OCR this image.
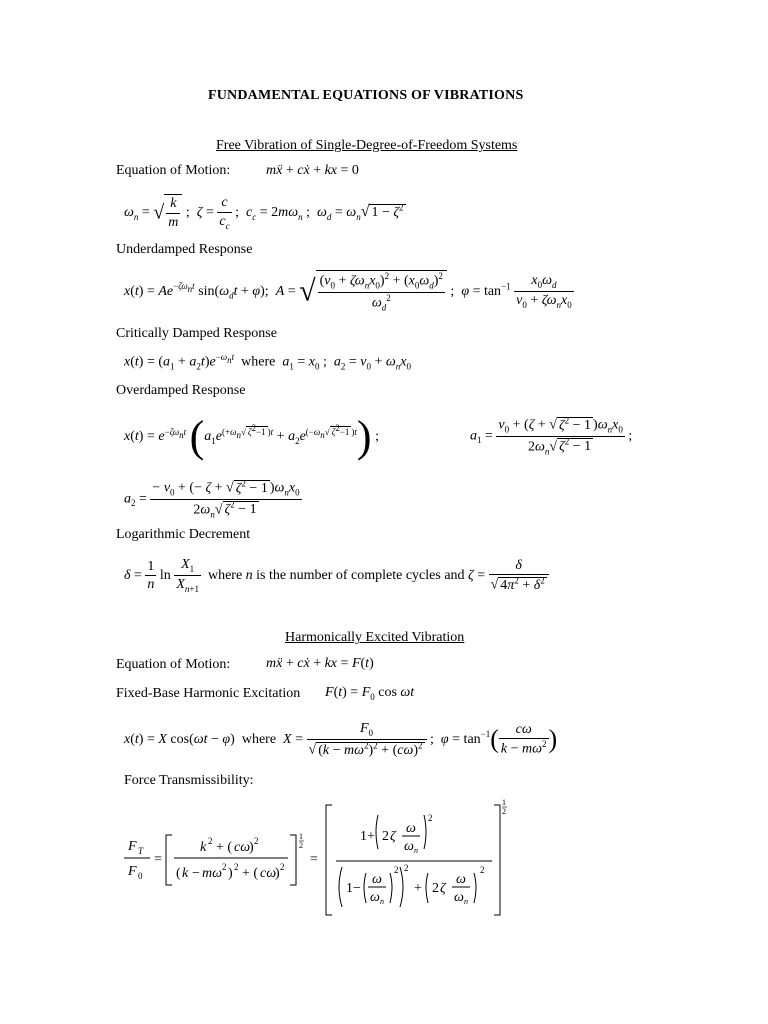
FUNDAMENTAL EQUATIONS OF VIBRATIONS
Free Vibration of Single-Degree-of-Freedom Systems
Equation of Motion:	mẍ + cẋ + kx = 0
$\omega_n$ = √ $\frac{k}{m}$ ;  $\zeta = \frac{c}{c_c}$ ;  $c_c = 2m\omega_n$ ;  $\omega_d = \omega_n√$ $1 - \zeta^2$
Underdamped Response
$x(t) = Ae^{-\zeta\omega_nt}$ $\sin(\omega_dt + \varphi)$;  A = √ $\frac{(v_0 + \zeta\omega_nx_0)^2 + (x_0\omega_d)^2}{\omega_d^2}$ ;  $\varphi = \tan^{-1} \frac{x_0\omega_d}{v_0 + \zeta\omega_nx_0}$
Critically Damped Response
$x(t) = (a_1 + a_2t)e^{-\omega_nt}$ where $a_1 = x_0$ ;  $a_2 = v_0 + \omega_nx_0$
Overdamped Response
$x(t) = e^{-\zeta\omega_nt}$ $(a_1e^{(+\omega_n√ \zeta^2-1 )t} + a_2e^{(-\omega_n√ \zeta^2-1 )t})$ ;	$a_1 = \frac{v_0 + (\zeta + √ \zeta^2 - 1 )\omega_nx_0}{2\omega_n√ \zeta^2 - 1}$ ;
$a_2 = \frac{- v_0 + (- \zeta + √ \zeta^2 - 1 )\omega_nx_0}{2\omega_n√ \zeta^2 - 1}$
Logarithmic Decrement
$\delta = \frac{1}{n}$ $\ln \frac{X_1}{X_{n+1}}$ where n is the number of complete cycles and $\zeta = \frac{\delta}{√ 4\pi^2 + \delta^2}$
Harmonically Excited Vibration
Equation of Motion:	mẍ + cẋ + kx = F(t)
Fixed-Base Harmonic Excitation $F(t) = F_0$ cos ωt
x(t) = X cos(ωt − φ)  where $X = \frac{F_0}{√ (k - m\omega^2)^2 + (c\omega)^2}$ ;  $\varphi = \tan^{-1}( \frac{c\omega}{k - m\omega^2}$ )
Force Transmissibility:
F T
F 0
=
k 2 + ( cω
) 2
( k − mω 2 ) 2 + ( cω
) 2
1
2
=
1+ 2 ζ
ω
ω n
2
1−
ω
ω n
2 2
+ 2 ζ
ω
ω n
2
1
2
